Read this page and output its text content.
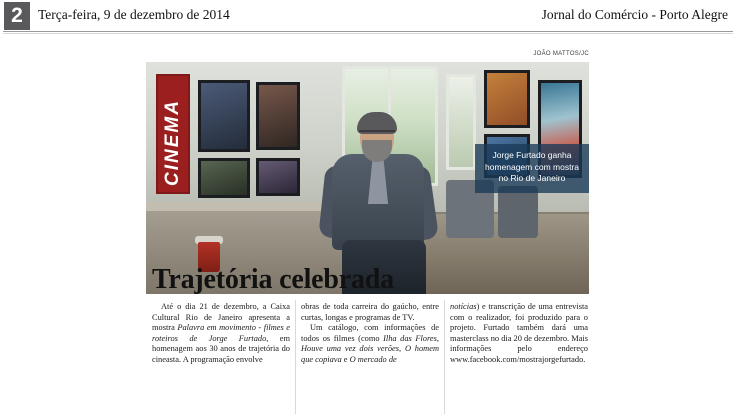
2	Terça-feira, 9 de dezembro de 2014	Jornal do Comércio - Porto Alegre
JOÃO MATTOS/JC
CINEMA	Jorge Furtado ganha homenagem com mostra no Rio de Janeiro
Trajetória celebrada

Até o dia 21 de dezembro, a Caixa Cultural Rio de Janeiro apresenta a mostra Palavra em movimento - filmes e roteiros de Jorge Furtado, em homenagem aos 30 anos de trajetória do cineasta. A programação envolve

obras de toda carreira do gaúcho, entre curtas, longas e programas de TV.

Um catálogo, com informações de todos os filmes (como Ilha das Flores, Houve uma vez dois verões, O homem que copiava e O mercado de

notícias) e transcrição de uma entrevista com o realizador, foi produzido para o projeto. Furtado também dará uma masterclass no dia 20 de dezembro. Mais informações pelo endereço www.facebook.com/mostrajorgefurtado.
